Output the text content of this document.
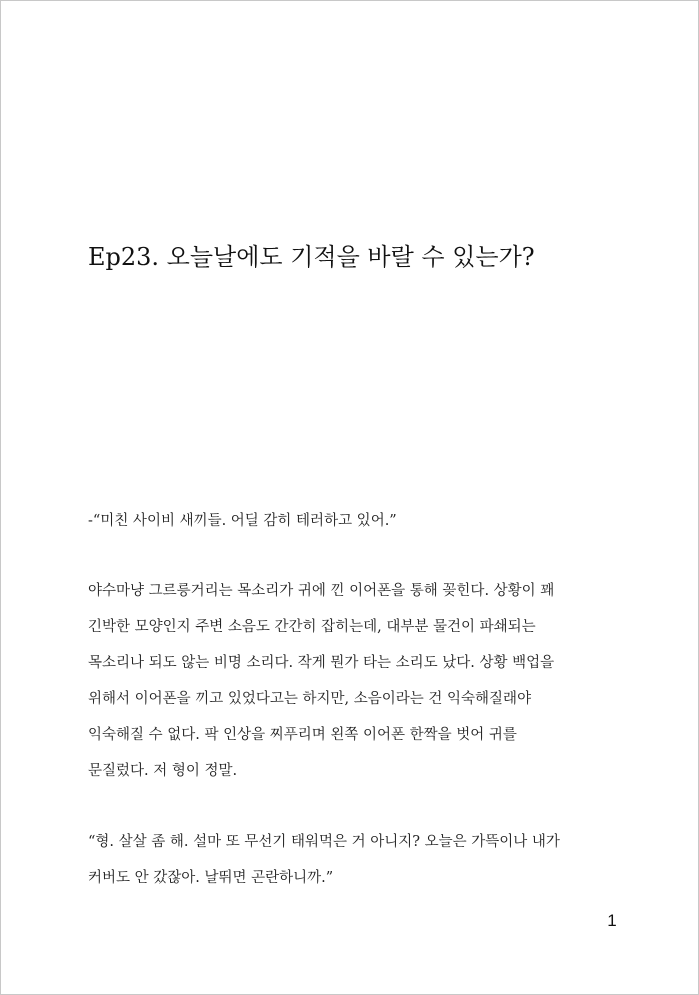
Ep23. 오늘날에도 기적을 바랄 수 있는가?

-“미친 사이비 새끼들. 어딜 감히 테러하고 있어.”

야수마냥 그르릉거리는 목소리가 귀에 낀 이어폰을 통해 꽂힌다. 상황이 꽤
긴박한 모양인지 주변 소음도 간간히 잡히는데, 대부분 물건이 파쇄되는
목소리나 되도 않는 비명 소리다. 작게 뭔가 타는 소리도 났다. 상황 백업을
위해서 이어폰을 끼고 있었다고는 하지만, 소음이라는 건 익숙해질래야
익숙해질 수 없다. 팍 인상을 찌푸리며 왼쪽 이어폰 한짝을 벗어 귀를
문질렀다. 저 형이 정말.

“형. 살살 좀 해. 설마 또 무선기 태워먹은 거 아니지? 오늘은 가뜩이나 내가
커버도 안 갔잖아. 날뛰면 곤란하니까.”

1
